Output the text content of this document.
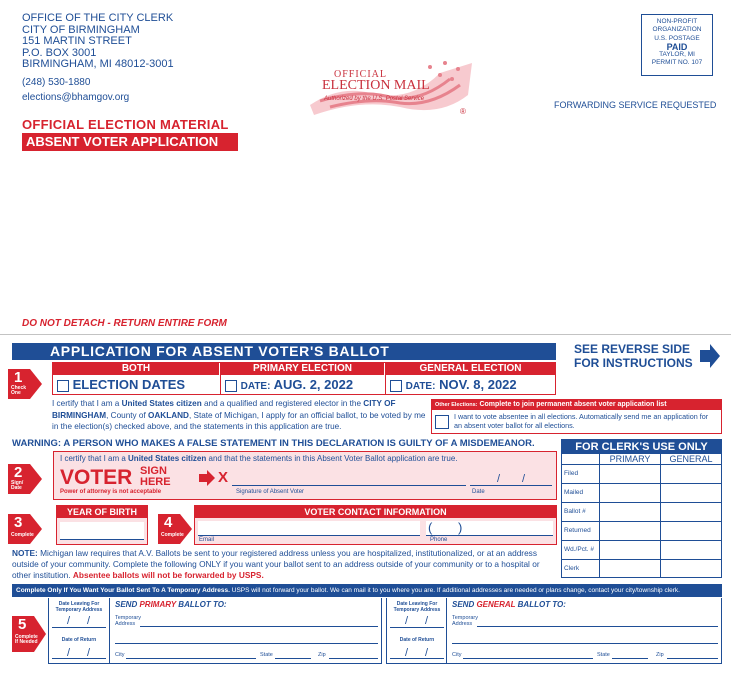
OFFICE OF THE CITY CLERK
CITY OF BIRMINGHAM
151 MARTIN STREET
P.O. BOX 3001
BIRMINGHAM, MI 48012-3001
(248) 530-1880
elections@bhamgov.org
OFFICIAL
ELECTION MAIL
Authorized by the U.S. Postal Service
®
NON-PROFIT
ORGANIZATION
U.S. POSTAGE
PAID
TAYLOR, MI
PERMIT NO. 107
FORWARDING SERVICE REQUESTED
OFFICIAL ELECTION MATERIAL
ABSENT VOTER APPLICATION
DO NOT DETACH - RETURN ENTIRE FORM
APPLICATION FOR ABSENT VOTER'S BALLOT	SEE REVERSE SIDE
FOR INSTRUCTIONS
1
Check
One
BOTH	PRIMARY ELECTION	GENERAL ELECTION
ELECTION DATES	DATE: AUG. 2, 2022	DATE: NOV. 8, 2022
I certify that I am a United States citizen and a qualified and registered elector in the CITY OF BIRMINGHAM, County of OAKLAND, State of Michigan, I apply for an official ballot, to be voted by me in the election(s) checked above, and the statements in this application are true.
Other Elections: Complete to join permanent absent voter application list
I want to vote absentee in all elections. Automatically send me an application for an absent voter ballot for all elections.
WARNING: A PERSON WHO MAKES A FALSE STATEMENT IN THIS DECLARATION IS GUILTY OF A MISDEMEANOR.
2
Sign/
Date
I certify that I am a United States citizen and that the statements in this Absent Voter Ballot application are true.
VOTER SIGN
HERE
Power of attorney is not acceptable
X
Signature of Absent Voter
/ /
Date
3
Complete
YEAR OF BIRTH
4
Complete
VOTER CONTACT INFORMATION
Email
( )
Phone
NOTE: Michigan law requires that A.V. Ballots be sent to your registered address unless you are hospitalized, institutionalized, or at an address outside of your community. Complete the following ONLY if you want your ballot sent to an address outside of your community or to a hospital or other institution. Absentee ballots will not be forwarded by USPS.
FOR CLERK'S USE ONLY
PRIMARY	GENERAL
Filed
Mailed
Ballot #
Returned
Wd./Pct. #
Clerk
Complete Only If You Want Your Ballot Sent To A Temporary Address. USPS will not forward your ballot. We can mail it to you where you are. If additional addresses are needed or plans change, contact your city/township clerk.
5
Complete
If Needed
Date Leaving For Temporary Address
/ /
Date of Return
/ /
SEND PRIMARY BALLOT TO:
Temporary
Address
City	State	Zip
Date Leaving For Temporary Address
/ /
Date of Return
/ /
SEND GENERAL BALLOT TO:
Temporary
Address
City	State	Zip
